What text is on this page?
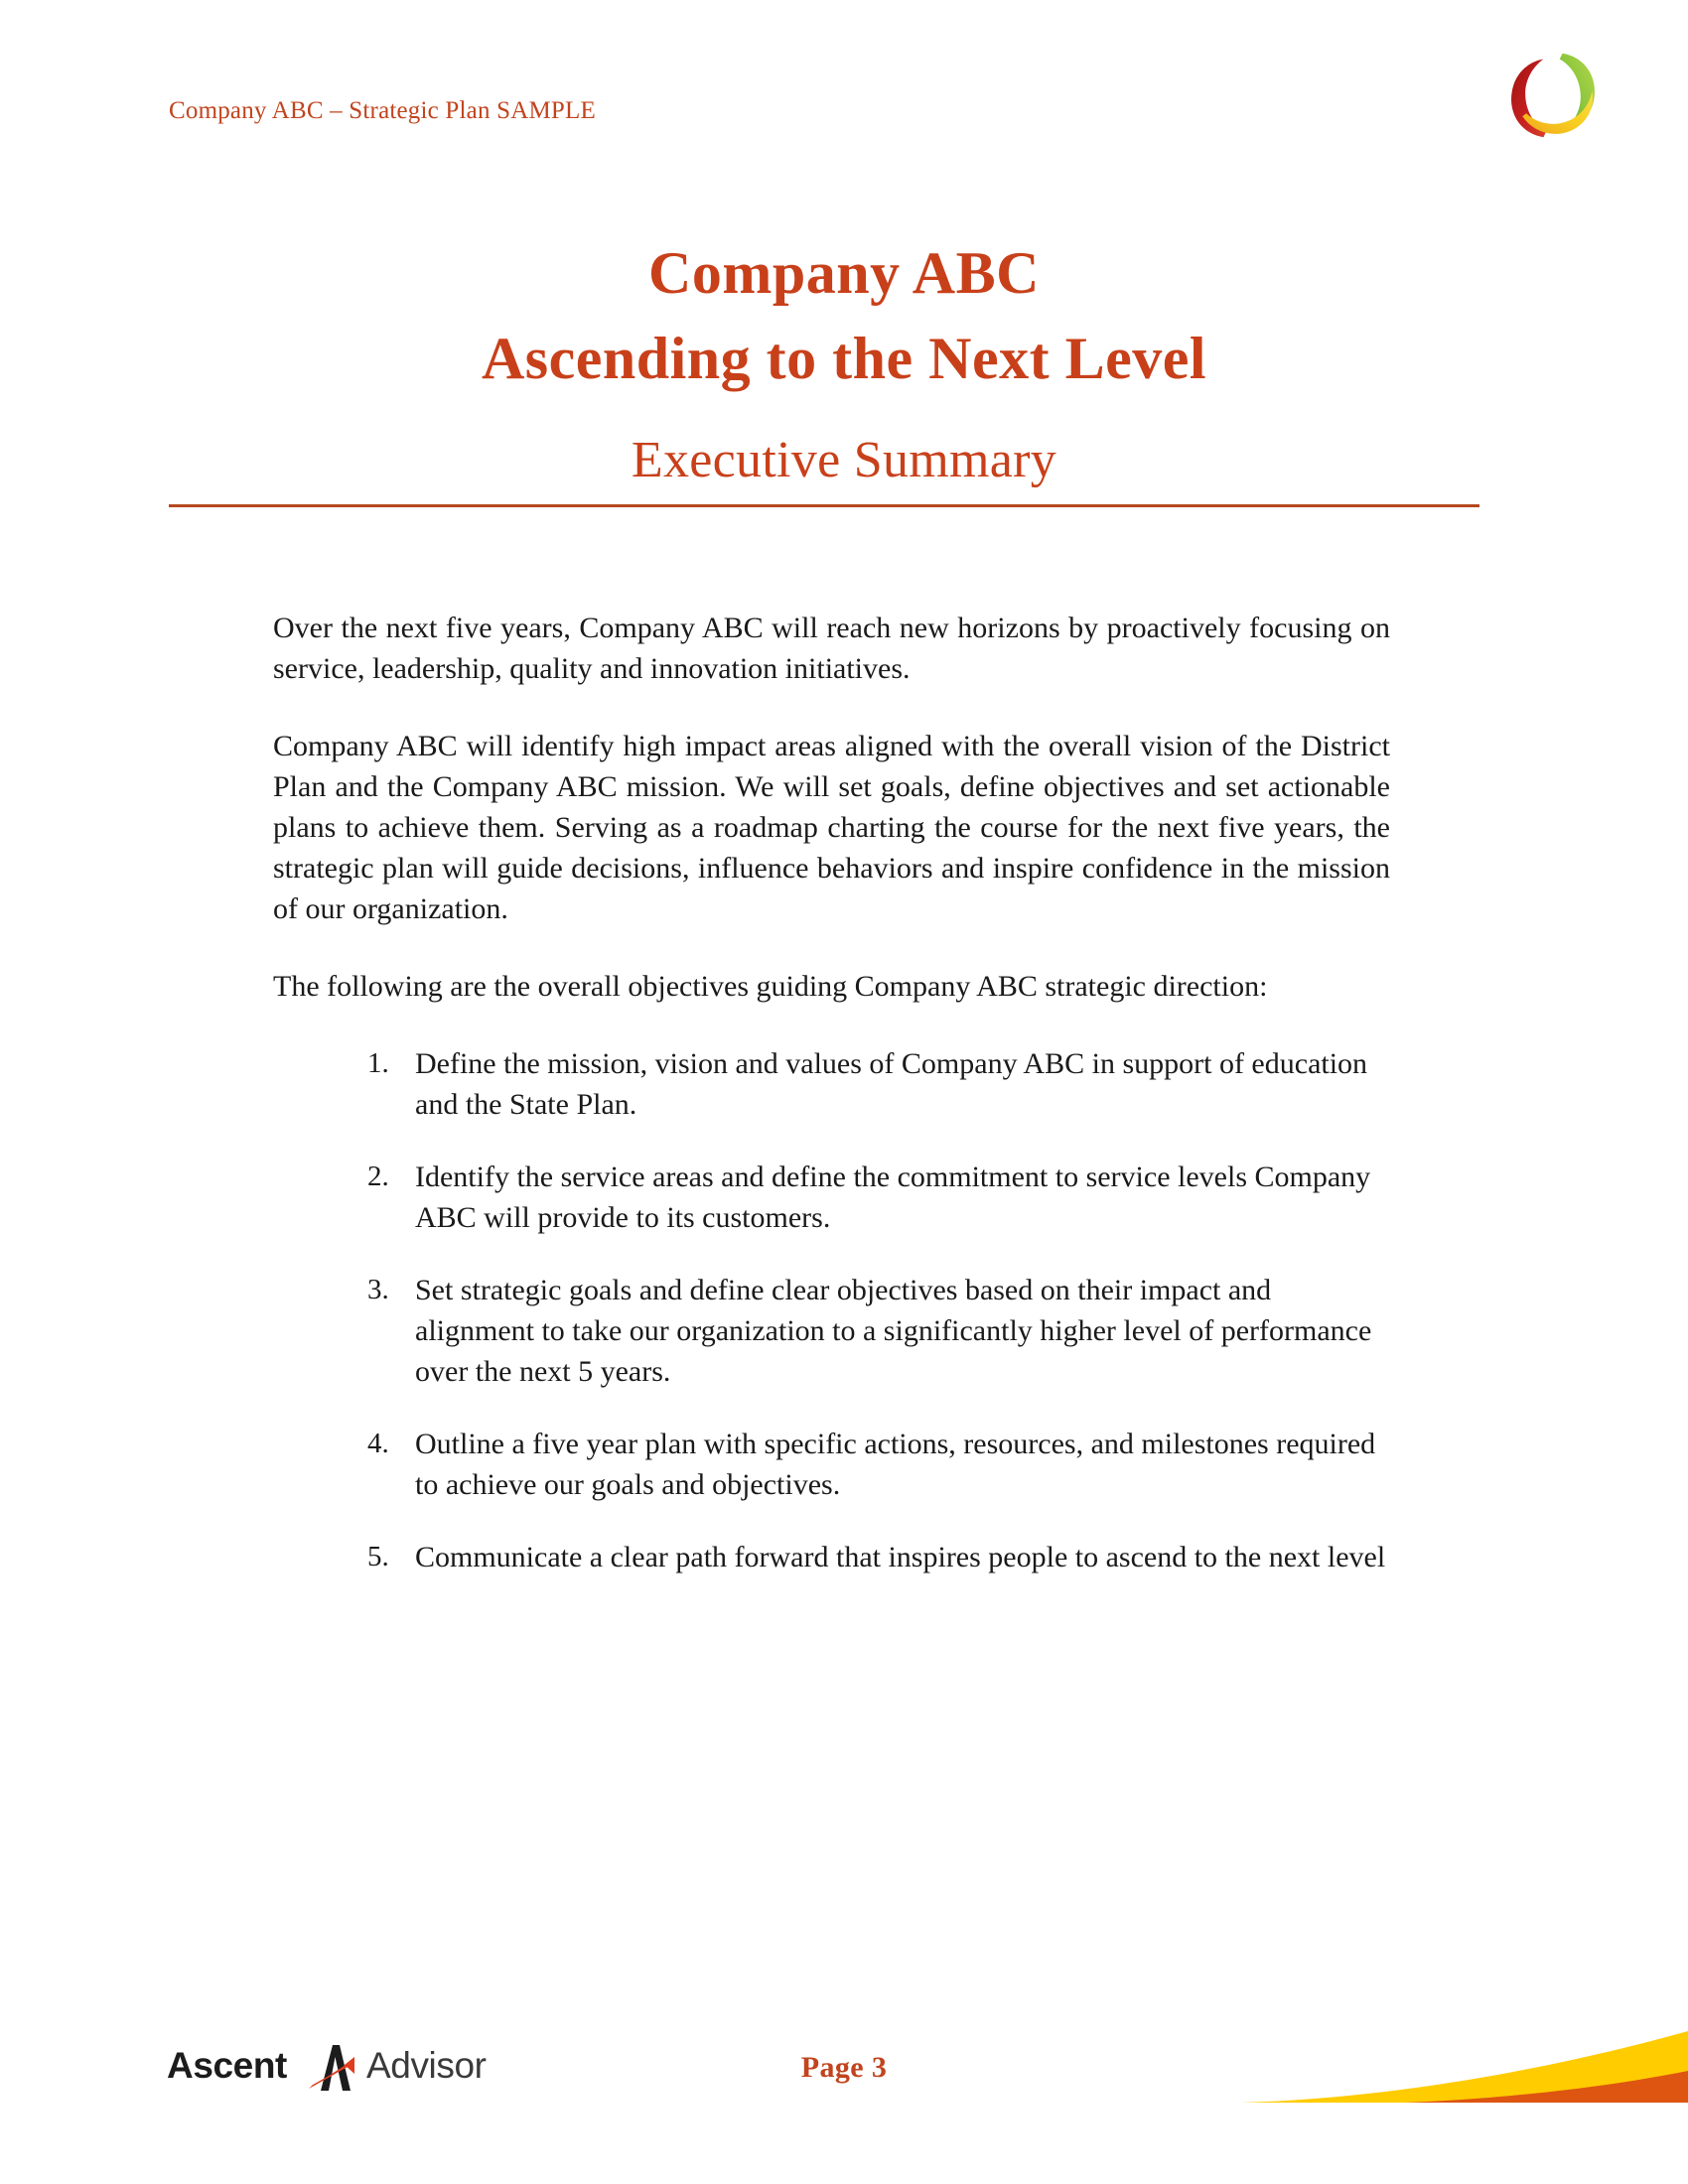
Company ABC – Strategic Plan SAMPLE
Company ABC
Ascending to the Next Level
Executive Summary

Over the next five years, Company ABC will reach new horizons by proactively focusing on service, leadership, quality and innovation initiatives.

Company ABC will identify high impact areas aligned with the overall vision of the District Plan and the Company ABC mission. We will set goals, define objectives and set actionable plans to achieve them. Serving as a roadmap charting the course for the next five years, the strategic plan will guide decisions, influence behaviors and inspire confidence in the mission of our organization.

The following are the overall objectives guiding Company ABC strategic direction:

1. Define the mission, vision and values of Company ABC in support of education and the State Plan.
2. Identify the service areas and define the commitment to service levels Company ABC will provide to its customers.
3. Set strategic goals and define clear objectives based on their impact and alignment to take our organization to a significantly higher level of performance over the next 5 years.
4. Outline a five year plan with specific actions, resources, and milestones required to achieve our goals and objectives.
5. Communicate a clear path forward that inspires people to ascend to the next level
Ascent Advisor	Page 3
